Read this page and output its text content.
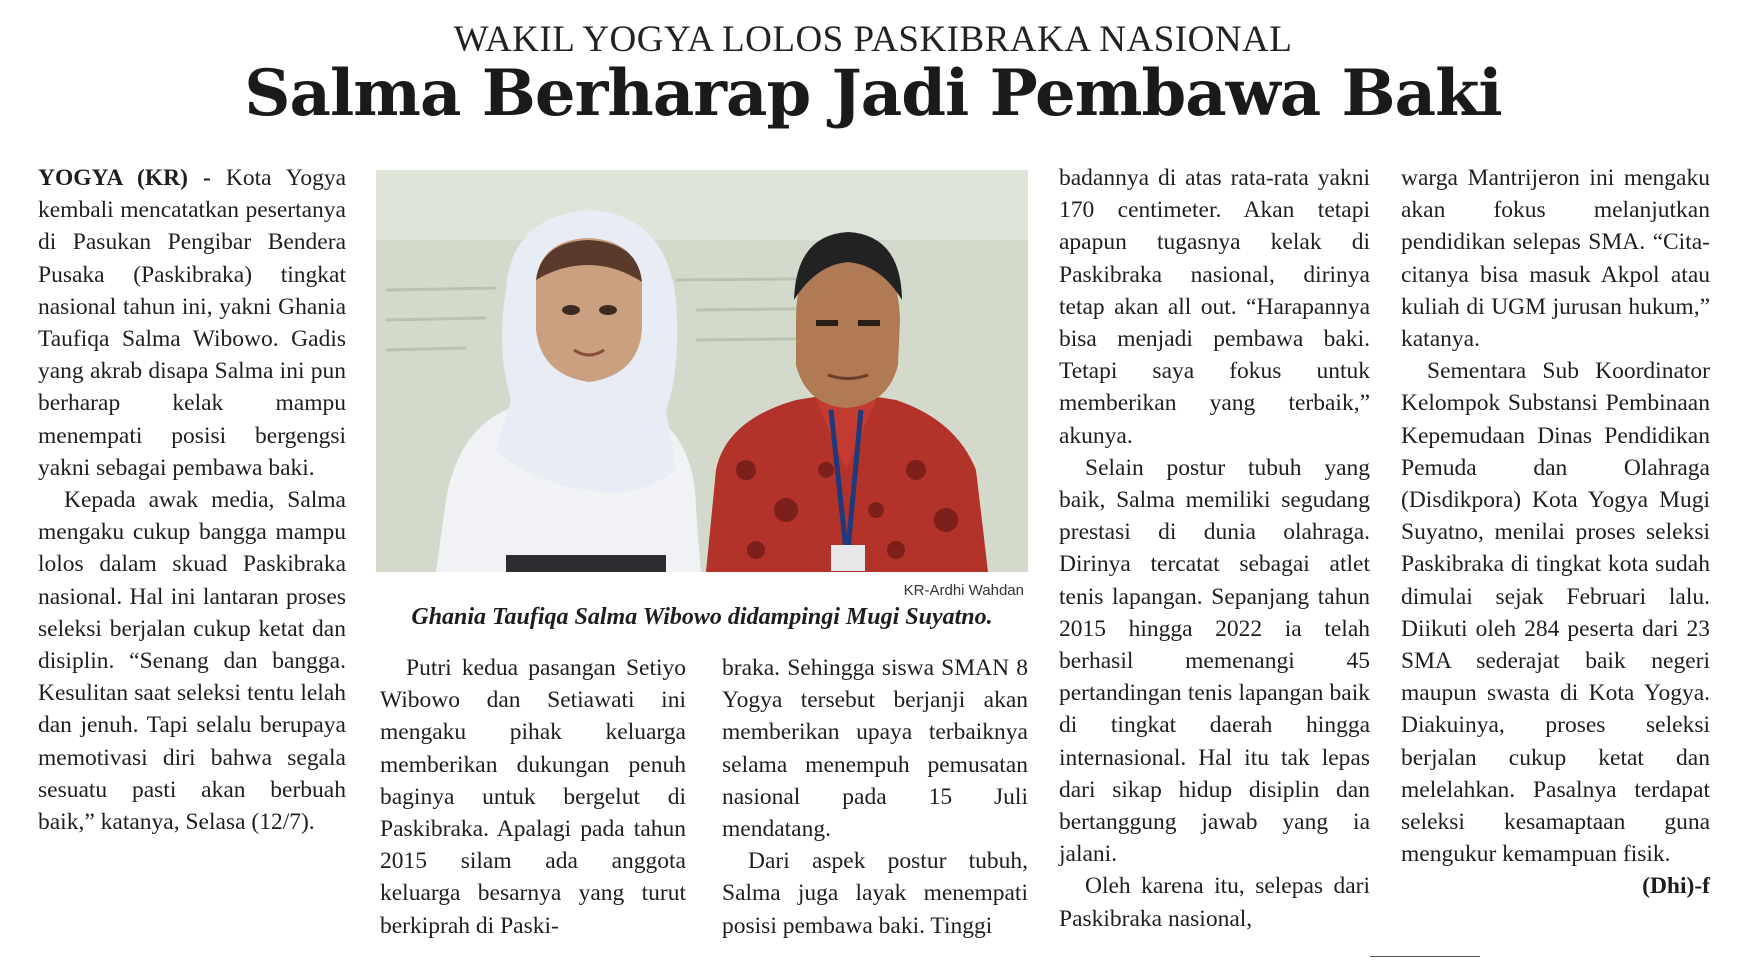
WAKIL YOGYA LOLOS PASKIBRAKA NASIONAL
Salma Berharap Jadi Pembawa Baki

YOGYA (KR) - Kota Yogya kembali mencatatkan pesertanya di Pasukan Pengibar Bendera Pusaka (Paskibraka) tingkat nasional tahun ini, yakni Ghania Taufiqa Salma Wibowo. Gadis yang akrab disapa Salma ini pun berharap kelak mampu menempati posisi bergengsi yakni sebagai pembawa baki.

Kepada awak media, Salma mengaku cukup bangga mampu lolos dalam skuad Paskibraka nasional. Hal ini lantaran proses seleksi berjalan cukup ketat dan disiplin. “Senang dan bangga. Kesulitan saat seleksi tentu lelah dan jenuh. Tapi selalu berupaya memotivasi diri bahwa segala sesuatu pasti akan berbuah baik,” katanya, Selasa (12/7).

KR-Ardhi Wahdan
Ghania Taufiqa Salma Wibowo didampingi Mugi Suyatno.

Putri kedua pasangan Setiyo Wibowo dan Setiawati ini mengaku pihak keluarga memberikan dukungan penuh baginya untuk bergelut di Paskibraka. Apalagi pada tahun 2015 silam ada anggota keluarga besarnya yang turut berkiprah di Paski-

braka. Sehingga siswa SMAN 8 Yogya tersebut berjanji akan memberikan upaya terbaiknya selama menempuh pemusatan nasional pada 15 Juli mendatang.

Dari aspek postur tubuh, Salma juga layak menempati posisi pembawa baki. Tinggi

badannya di atas rata-rata yakni 170 centimeter. Akan tetapi apapun tugasnya kelak di Paskibraka nasional, dirinya tetap akan all out. “Harapannya bisa menjadi pembawa baki. Tetapi saya fokus untuk memberikan yang terbaik,” akunya.

Selain postur tubuh yang baik, Salma memiliki segudang prestasi di dunia olahraga. Dirinya tercatat sebagai atlet tenis lapangan. Sepanjang tahun 2015 hingga 2022 ia telah berhasil memenangi 45 pertandingan tenis lapangan baik di tingkat daerah hingga internasional. Hal itu tak lepas dari sikap hidup disiplin dan bertanggung jawab yang ia jalani.

Oleh karena itu, selepas dari Paskibraka nasional,

warga Mantrijeron ini mengaku akan fokus melanjutkan pendidikan selepas SMA. “Cita-citanya bisa masuk Akpol atau kuliah di UGM jurusan hukum,” katanya.

Sementara Sub Koordinator Kelompok Substansi Pembinaan Kepemudaan Dinas Pendidikan Pemuda dan Olahraga (Disdikpora) Kota Yogya Mugi Suyatno, menilai proses seleksi Paskibraka di tingkat kota sudah dimulai sejak Februari lalu. Diikuti oleh 284 peserta dari 23 SMA sederajat baik negeri maupun swasta di Kota Yogya. Diakuinya, proses seleksi berjalan cukup ketat dan melelahkan. Pasalnya terdapat seleksi kesamaptaan guna mengukur kemampuan fisik.

(Dhi)-f
